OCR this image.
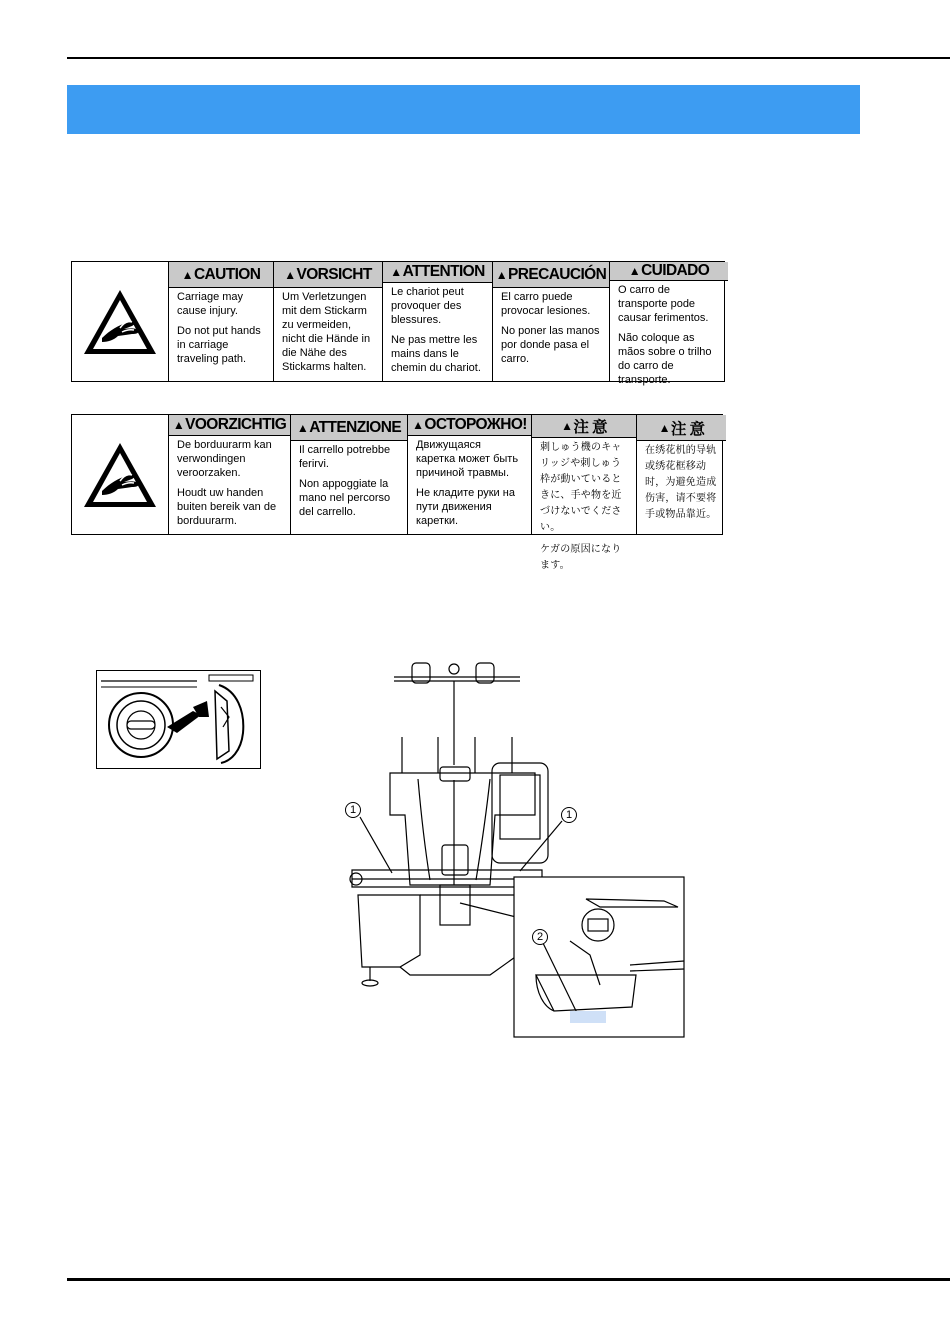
▲ CAUTION

Carriage may cause injury.

Do not put hands in carriage traveling path.

▲ VORSICHT

Um Verletzungen mit dem Stickarm zu vermeiden, nicht die Hände in die Nähe des Stickarms halten.

▲ ATTENTION

Le chariot peut provoquer des blessures.

Ne pas mettre les mains dans le chemin du chariot.

▲ PRECAUCIÓN

El carro puede provocar lesiones.

No poner las manos por donde pasa el carro.

▲ CUIDADO

O carro de transporte pode causar ferimentos.

Não coloque as mãos sobre o trilho do carro de transporte.

▲ VOORZICHTIG

De borduurarm kan verwondingen veroorzaken.

Houdt uw handen buiten bereik van de borduurarm.

▲ ATTENZIONE

Il carrello potrebbe ferirvi.

Non appoggiate la mano nel percorso del carrello.

▲ ОСТОРОЖНО!

Движущаяся каретка может быть причиной травмы.

Не кладите руки на пути движения каретки.

▲ 注 意

刺しゅう機のキャリッジや刺しゅう枠が動いているときに、手や物を近づけないでください。

ケガの原因になります。

▲ 注 意

在绣花机的导轨或绣花框移动时，为避免造成伤害，请不要将手或物品靠近。

1	1
2
